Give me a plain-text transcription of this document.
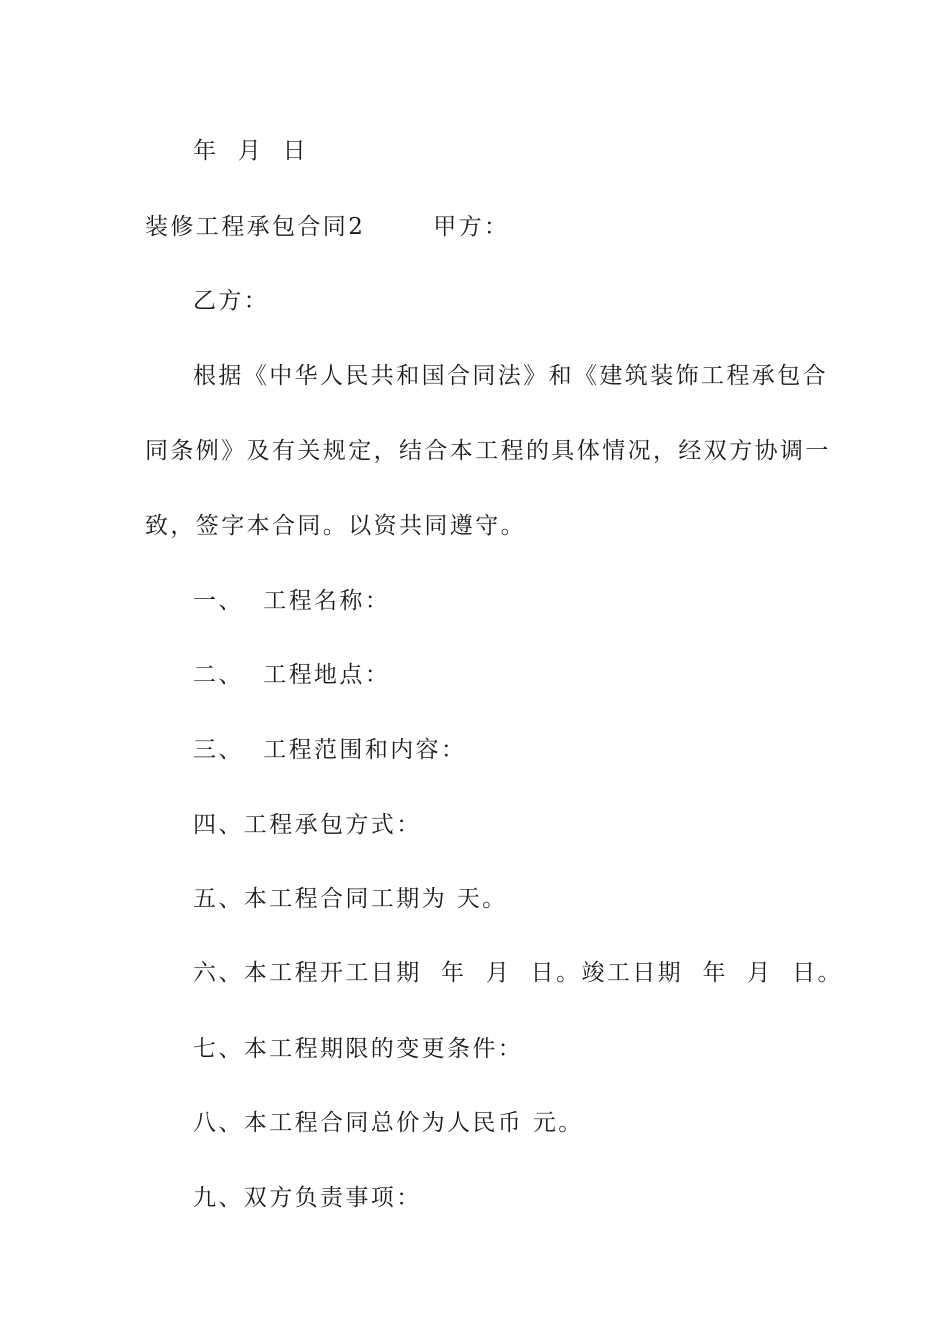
年  月  日
装修工程承包合同2       甲方：
乙方：
根据《中华人民共和国合同法》和《建筑装饰工程承包合
同条例》及有关规定，结合本工程的具体情况，经双方协调一
致，签字本合同。以资共同遵守。
一、  工程名称：
二、  工程地点：
三、  工程范围和内容：
四、工程承包方式：
五、本工程合同工期为 天。
六、本工程开工日期  年  月  日。竣工日期  年  月  日。
七、本工程期限的变更条件：
八、本工程合同总价为人民币 元。
九、双方负责事项：
